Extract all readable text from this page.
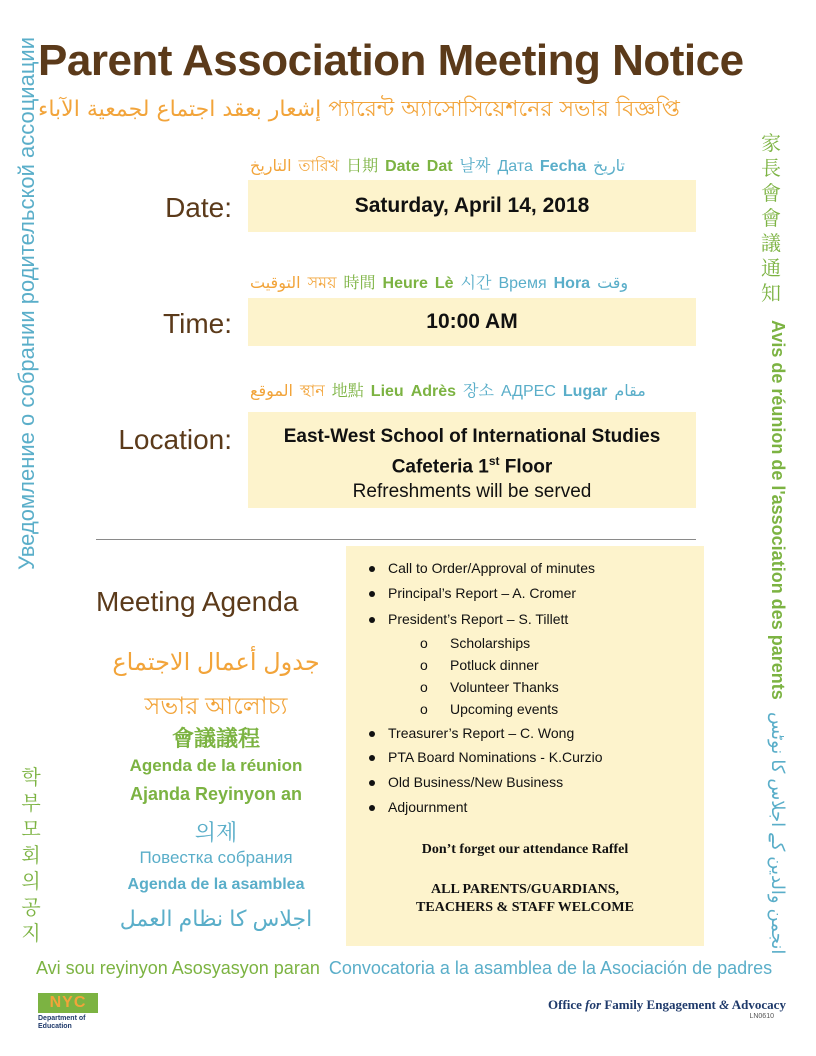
Parent Association Meeting Notice
إشعار بعقد اجتماع لجمعية الآباء প্যারেন্ট অ্যাসোসিয়েশনের সভার বিজ্ঞপ্তি
Уведомление о собрании родительской ассоциации
학
부
모
회
의
공
지
家
長
會
會
議
通
知
Avis de réunion de l'association des parents
انجمن والدین کے اجلاس کا نوٹس
التاريخ তারিখ 日期 Date Dat 날짜 Дата Fecha تاريخ
Date:	Saturday, April 14, 2018
التوقيت সময় 時間 Heure Lè 시간 Время Hora وقت
Time:	10:00 AM
الموقع স্থান 地點 Lieu Adrès 장소 АДРЕС Lugar مقام
Location:	East-West School of International Studies
Cafeteria 1st Floor
Refreshments will be served
Meeting Agenda
جدول أعمال الاجتماع
সভার আলোচ্য
會議議程
Agenda de la réunion
Ajanda Reyinyon an
의제
Повестка собрания
Agenda de la asamblea
اجلاس کا نظام العمل
Call to Order/Approval of minutes
Principal’s Report – A. Cromer
President’s Report – S. Tillett
o Scholarships
o Potluck dinner
o Volunteer Thanks
o Upcoming events
Treasurer’s Report – C. Wong
PTA Board Nominations - K.Curzio
Old Business/New Business
Adjournment
Don’t forget our attendance Raffel
ALL PARENTS/GUARDIANS,
TEACHERS & STAFF WELCOME
Avi sou reyinyon Asosyasyon paran Convocatoria a la asamblea de la Asociación de padres
NYC
Department of
Education
Office for Family Engagement & Advocacy
LN0610
